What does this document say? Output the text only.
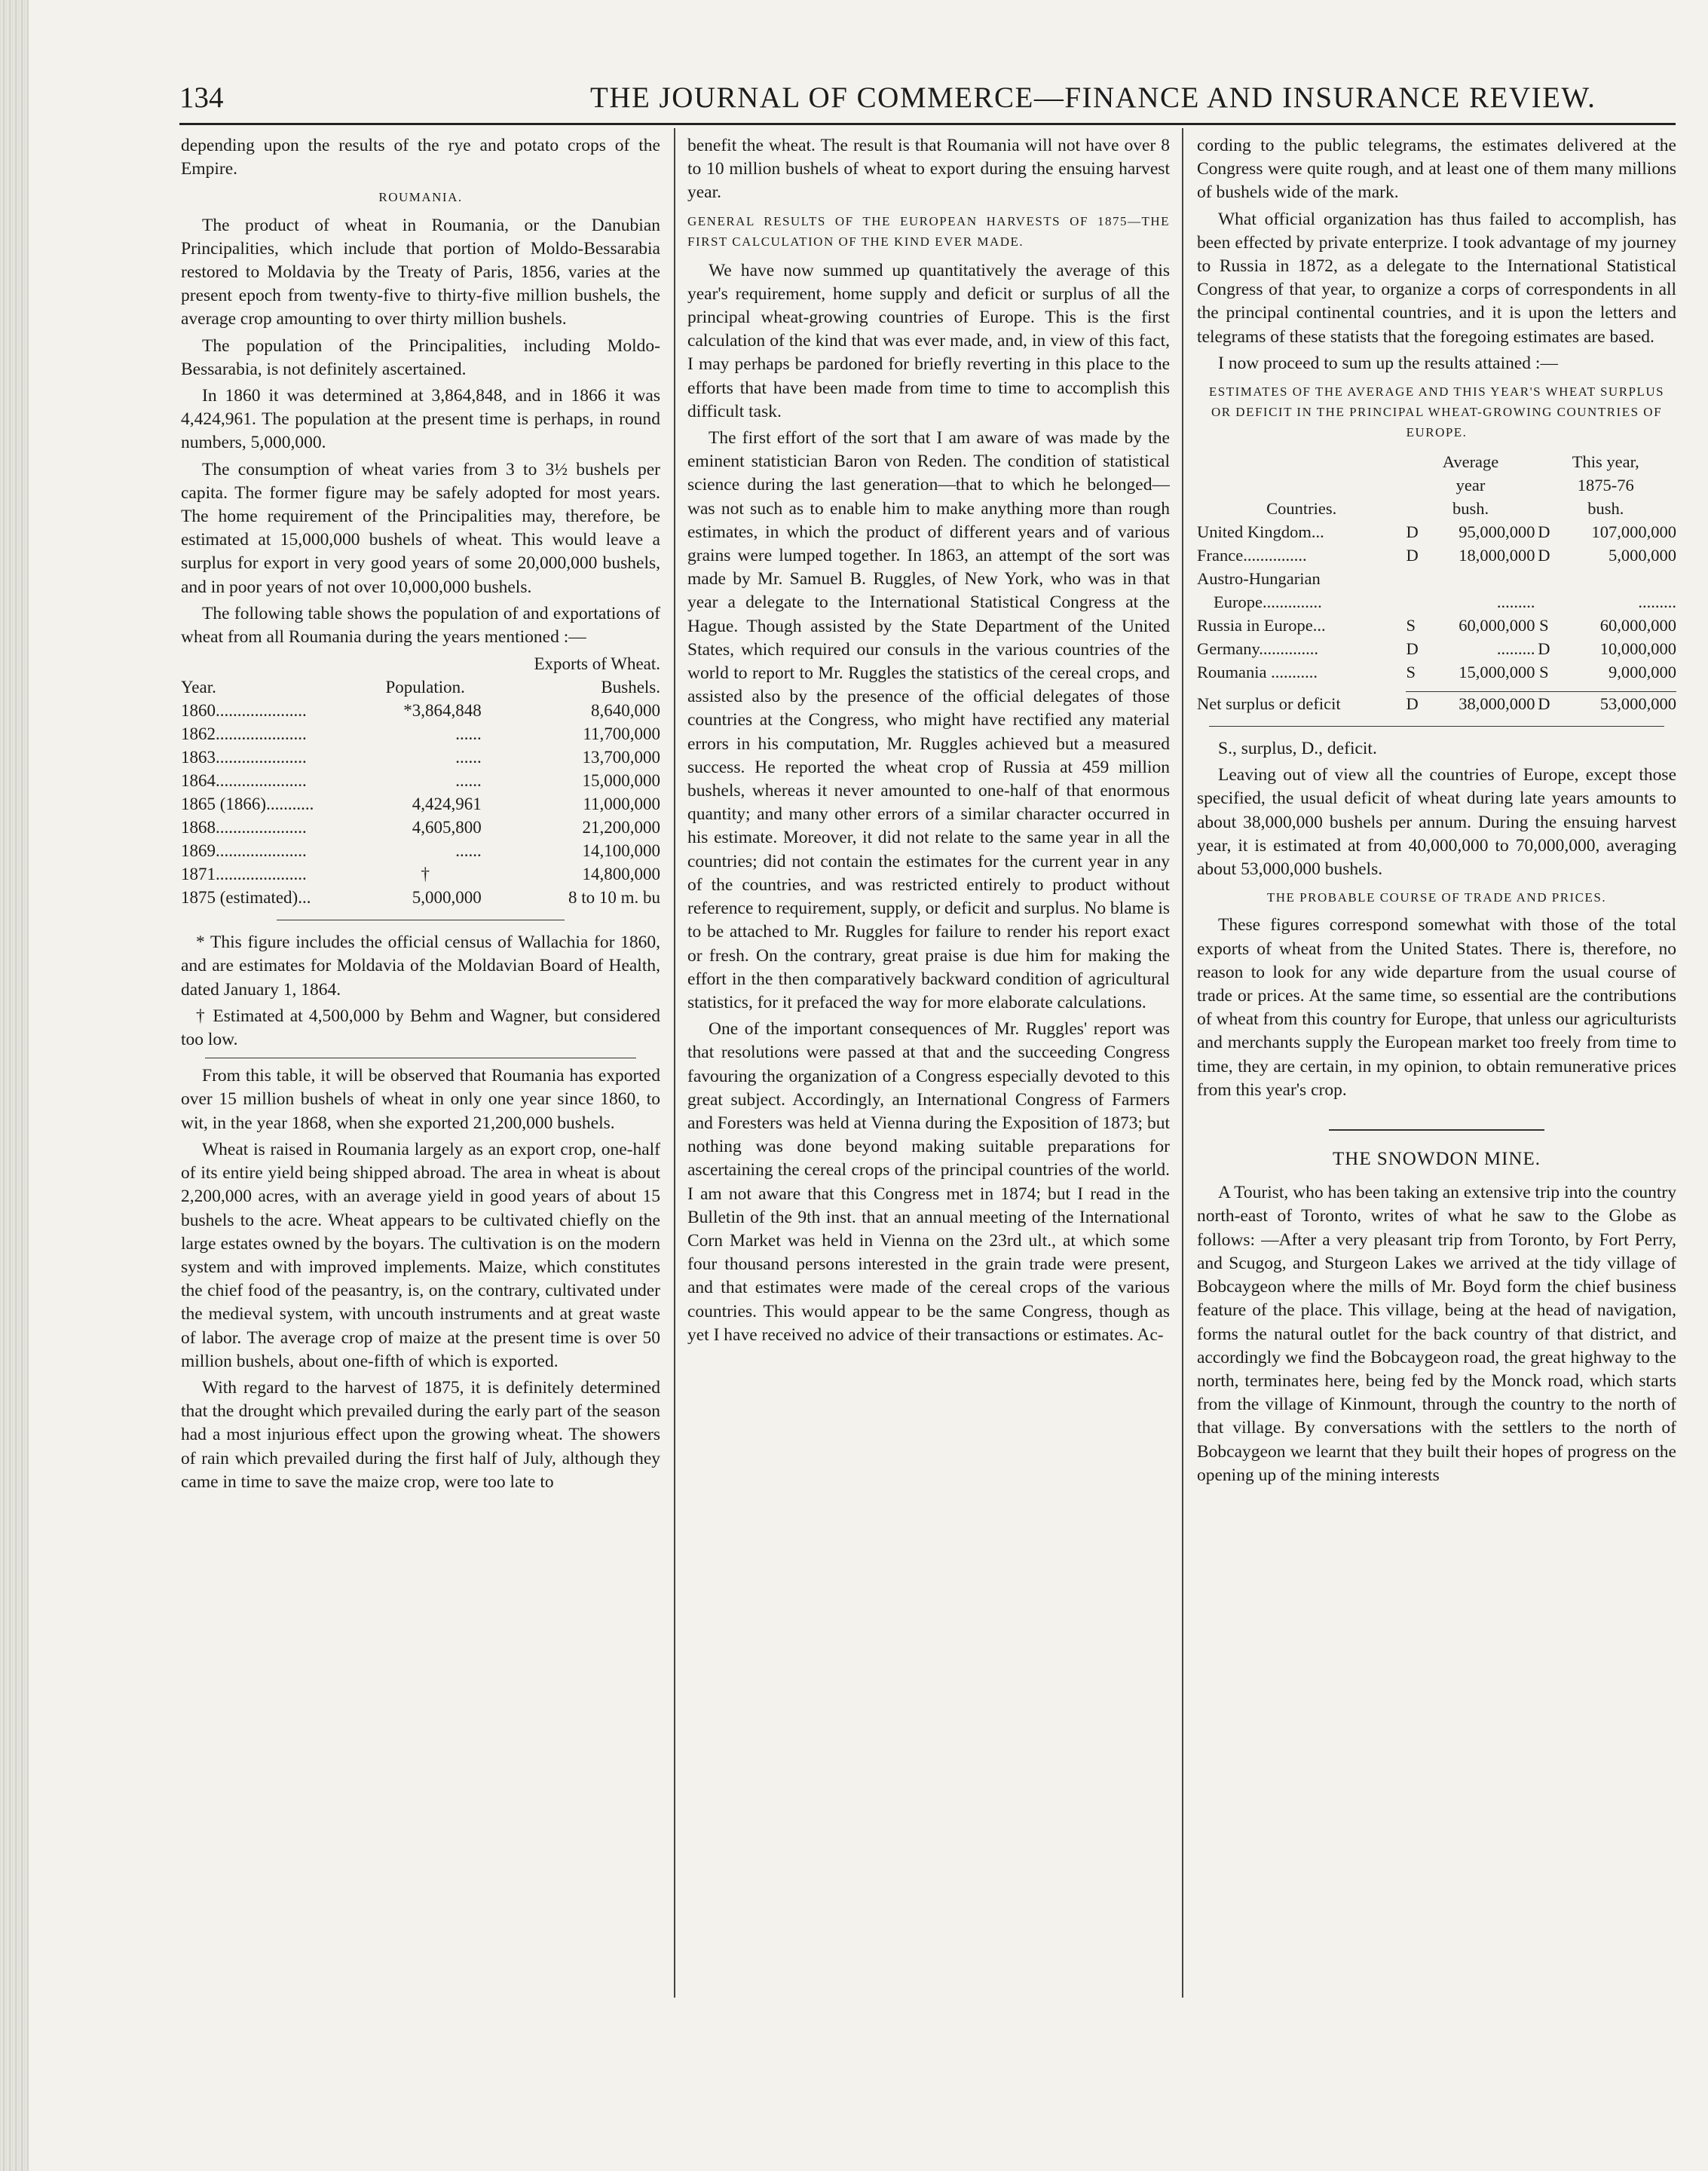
134	THE JOURNAL OF COMMERCE—FINANCE AND INSURANCE REVIEW.

depending upon the results of the rye and potato crops of the Empire.

ROUMANIA.

The product of wheat in Roumania, or the Danubian Principalities, which include that portion of Moldo-Bessarabia restored to Moldavia by the Treaty of Paris, 1856, varies at the present epoch from twenty-five to thirty-five million bushels, the average crop amounting to over thirty million bushels.

The population of the Principalities, including Moldo-Bessarabia, is not definitely ascertained.

In 1860 it was determined at 3,864,848, and in 1866 it was 4,424,961. The population at the present time is perhaps, in round numbers, 5,000,000.

The consumption of wheat varies from 3 to 3½ bushels per capita. The former figure may be safely adopted for most years. The home requirement of the Principalities may, therefore, be estimated at 15,000,000 bushels of wheat. This would leave a surplus for export in very good years of some 20,000,000 bushels, and in poor years of not over 10,000,000 bushels.

The following table shows the population of and exportations of wheat from all Roumania during the years mentioned :—

		Exports of Wheat.
Year.	Population.	Bushels.
1860.....................	*3,864,848	8,640,000
1862.....................	......	11,700,000
1863.....................	......	13,700,000
1864.....................	......	15,000,000
1865 (1866)...........	4,424,961	11,000,000
1868.....................	4,605,800	21,200,000
1869.....................	......	14,100,000
1871.....................	†	14,800,000
1875 (estimated)...	5,000,000	8 to 10 m. bu

* This figure includes the official census of Wallachia for 1860, and are estimates for Moldavia of the Moldavian Board of Health, dated January 1, 1864.

† Estimated at 4,500,000 by Behm and Wagner, but considered too low.

From this table, it will be observed that Roumania has exported over 15 million bushels of wheat in only one year since 1860, to wit, in the year 1868, when she exported 21,200,000 bushels.

Wheat is raised in Roumania largely as an export crop, one-half of its entire yield being shipped abroad. The area in wheat is about 2,200,000 acres, with an average yield in good years of about 15 bushels to the acre. Wheat appears to be cultivated chiefly on the large estates owned by the boyars. The cultivation is on the modern system and with improved implements. Maize, which constitutes the chief food of the peasantry, is, on the contrary, cultivated under the medieval system, with uncouth instruments and at great waste of labor. The average crop of maize at the present time is over 50 million bushels, about one-fifth of which is exported.

With regard to the harvest of 1875, it is definitely determined that the drought which prevailed during the early part of the season had a most injurious effect upon the growing wheat. The showers of rain which prevailed during the first half of July, although they came in time to save the maize crop, were too late to

benefit the wheat. The result is that Roumania will not have over 8 to 10 million bushels of wheat to export during the ensuing harvest year.

GENERAL RESULTS OF THE EUROPEAN HARVESTS OF 1875—THE FIRST CALCULATION OF THE KIND EVER MADE.

We have now summed up quantitatively the average of this year's requirement, home supply and deficit or surplus of all the principal wheat-growing countries of Europe. This is the first calculation of the kind that was ever made, and, in view of this fact, I may perhaps be pardoned for briefly reverting in this place to the efforts that have been made from time to time to accomplish this difficult task.

The first effort of the sort that I am aware of was made by the eminent statistician Baron von Reden. The condition of statistical science during the last generation—that to which he belonged—was not such as to enable him to make anything more than rough estimates, in which the product of different years and of various grains were lumped together. In 1863, an attempt of the sort was made by Mr. Samuel B. Ruggles, of New York, who was in that year a delegate to the International Statistical Congress at the Hague. Though assisted by the State Department of the United States, which required our consuls in the various countries of the world to report to Mr. Ruggles the statistics of the cereal crops, and assisted also by the presence of the official delegates of those countries at the Congress, who might have rectified any material errors in his computation, Mr. Ruggles achieved but a measured success. He reported the wheat crop of Russia at 459 million bushels, whereas it never amounted to one-half of that enormous quantity; and many other errors of a similar character occurred in his estimate. Moreover, it did not relate to the same year in all the countries; did not contain the estimates for the current year in any of the countries, and was restricted entirely to product without reference to requirement, supply, or deficit and surplus. No blame is to be attached to Mr. Ruggles for failure to render his report exact or fresh. On the contrary, great praise is due him for making the effort in the then comparatively backward condition of agricultural statistics, for it prefaced the way for more elaborate calculations.

One of the important consequences of Mr. Ruggles' report was that resolutions were passed at that and the succeeding Congress favouring the organization of a Congress especially devoted to this great subject. Accordingly, an International Congress of Farmers and Foresters was held at Vienna during the Exposition of 1873; but nothing was done beyond making suitable preparations for ascertaining the cereal crops of the principal countries of the world. I am not aware that this Congress met in 1874; but I read in the Bulletin of the 9th inst. that an annual meeting of the International Corn Market was held in Vienna on the 23rd ult., at which some four thousand persons interested in the grain trade were present, and that estimates were made of the cereal crops of the various countries. This would appear to be the same Congress, though as yet I have received no advice of their transactions or estimates. Ac-

cording to the public telegrams, the estimates delivered at the Congress were quite rough, and at least one of them many millions of bushels wide of the mark.

What official organization has thus failed to accomplish, has been effected by private enterprize. I took advantage of my journey to Russia in 1872, as a delegate to the International Statistical Congress of that year, to organize a corps of correspondents in all the principal continental countries, and it is upon the letters and telegrams of these statists that the foregoing estimates are based.

I now proceed to sum up the results attained :—

ESTIMATES OF THE AVERAGE AND THIS YEAR'S WHEAT SURPLUS OR DEFICIT IN THE PRINCIPAL WHEAT-GROWING COUNTRIES OF EUROPE.
	Average		This year,	
	year		1875-76	
Countries.	bush.		bush.	
United Kingdom...	D	95,000,000	D	107,000,000
France...............	D	18,000,000	D	5,000,000
Austro-Hungarian				
Europe..............		.........		.........
Russia in Europe...	S	60,000,000	S	60,000,000
Germany..............	D	.........	D	10,000,000
Roumania ...........	S	15,000,000	S	9,000,000

Net surplus or deficit	D	38,000,000	D	53,000,000

S., surplus, D., deficit.

Leaving out of view all the countries of Europe, except those specified, the usual deficit of wheat during late years amounts to about 38,000,000 bushels per annum. During the ensuing harvest year, it is estimated at from 40,000,000 to 70,000,000, averaging about 53,000,000 bushels.

THE PROBABLE COURSE OF TRADE AND PRICES.

These figures correspond somewhat with those of the total exports of wheat from the United States. There is, therefore, no reason to look for any wide departure from the usual course of trade or prices. At the same time, so essential are the contributions of wheat from this country for Europe, that unless our agriculturists and merchants supply the European market too freely from time to time, they are certain, in my opinion, to obtain remunerative prices from this year's crop.

THE SNOWDON MINE.

A Tourist, who has been taking an extensive trip into the country north-east of Toronto, writes of what he saw to the Globe as follows: —After a very pleasant trip from Toronto, by Fort Perry, and Scugog, and Sturgeon Lakes we arrived at the tidy village of Bobcaygeon where the mills of Mr. Boyd form the chief business feature of the place. This village, being at the head of navigation, forms the natural outlet for the back country of that district, and accordingly we find the Bobcaygeon road, the great highway to the north, terminates here, being fed by the Monck road, which starts from the village of Kinmount, through the country to the north of that village. By conversations with the settlers to the north of Bobcaygeon we learnt that they built their hopes of progress on the opening up of the mining interests
